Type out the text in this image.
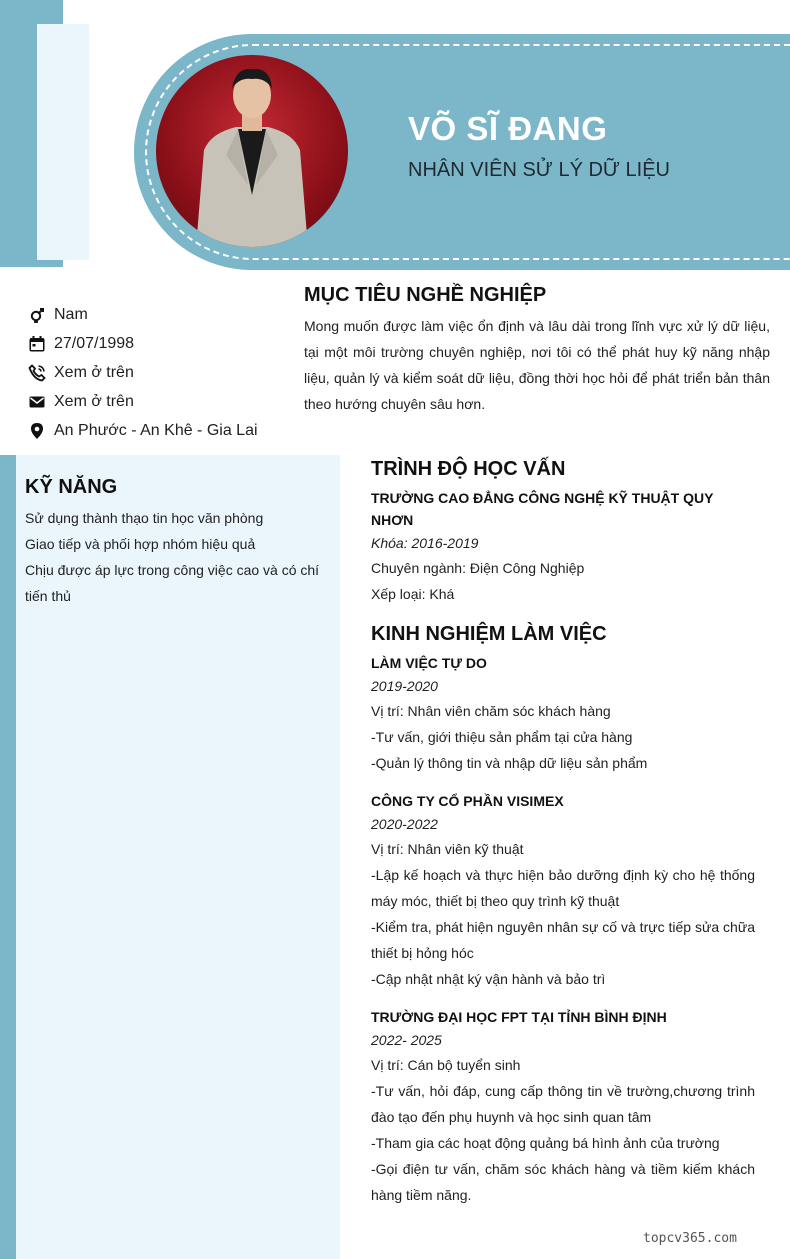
VÕ SĨ ĐANG
NHÂN VIÊN SỬ LÝ DỮ LIỆU
Nam
27/07/1998
Xem ở trên
Xem ở trên
An Phước - An Khê - Gia Lai
MỤC TIÊU NGHỀ NGHIỆP

Mong muốn được làm việc ổn định và lâu dài trong lĩnh vực xử lý dữ liệu, tại một môi trường chuyên nghiệp, nơi tôi có thể phát huy kỹ năng nhập liệu, quản lý và kiểm soát dữ liệu, đồng thời học hỏi để phát triển bản thân theo hướng chuyên sâu hơn.

KỸ NĂNG
Sử dụng thành thạo tin học văn phòng
Giao tiếp và phối hợp nhóm hiệu quả
Chịu được áp lực trong công việc cao và có chí tiến thủ
TRÌNH ĐỘ HỌC VẤN
TRƯỜNG CAO ĐẲNG CÔNG NGHỆ KỸ THUẬT QUY NHƠN
Khóa: 2016-2019
Chuyên ngành: Điện Công Nghiệp
Xếp loại: Khá
KINH NGHIỆM LÀM VIỆC
LÀM VIỆC TỰ DO
2019-2020
Vị trí: Nhân viên chăm sóc khách hàng
-Tư vấn, giới thiệu sản phẩm tại cửa hàng
-Quản lý thông tin và nhập dữ liệu sản phẩm
CÔNG TY CỔ PHẦN VISIMEX
2020-2022
Vị trí: Nhân viên kỹ thuật
-Lập kế hoạch và thực hiện bảo dưỡng định kỳ cho hệ thống máy móc, thiết bị theo quy trình kỹ thuật
-Kiểm tra, phát hiện nguyên nhân sự cố và trực tiếp sửa chữa thiết bị hỏng hóc
-Cập nhật nhật ký vận hành và bảo trì
TRƯỜNG ĐẠI HỌC FPT TẠI TỈNH BÌNH ĐỊNH
2022- 2025
Vị trí: Cán bộ tuyển sinh
-Tư vấn, hỏi đáp, cung cấp thông tin về trường,chương trình đào tạo đến phụ huynh và học sinh quan tâm
-Tham gia các hoạt động quảng bá hình ảnh của trường
-Gọi điện tư vấn, chăm sóc khách hàng và tiềm kiếm khách hàng tiềm năng.
topcv365.com
